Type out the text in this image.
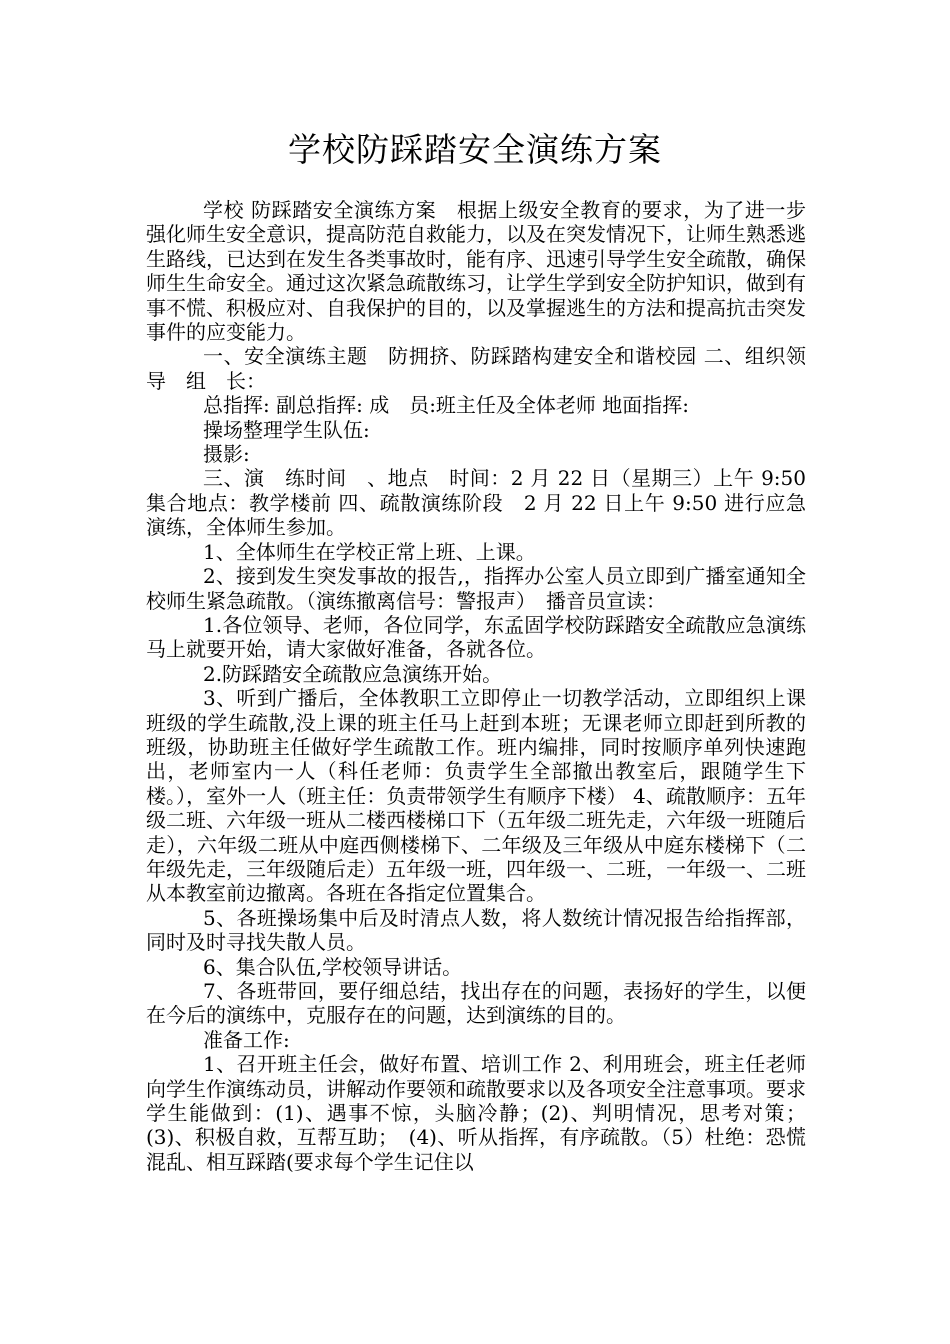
学校防踩踏安全演练方案

学校 防踩踏安全演练方案　根据上级安全教育的要求，为了进一步强化师生安全意识，提高防范自救能力，以及在突发情况下，让师生熟悉逃生路线，已达到在发生各类事故时，能有序、迅速引导学生安全疏散，确保师生生命安全。通过这次紧急疏散练习，让学生学到安全防护知识，做到有事不慌、积极应对、自我保护的目的，以及掌握逃生的方法和提高抗击突发事件的应变能力。

一、安全演练主题　防拥挤、防踩踏构建安全和谐校园 二、组织领导　组　长：

总指挥: 副总指挥: 成　员:班主任及全体老师 地面指挥:

操场整理学生队伍:

摄影:

三、演　练时间　、地点　时间：2 月 22 日（星期三）上午 9:50 集合地点：教学楼前 四、疏散演练阶段　2 月 22 日上午 9:50 进行应急演练，全体师生参加。

1、全体师生在学校正常上班、上课。

2、接到发生突发事故的报告,，指挥办公室人员立即到广播室通知全校师生紧急疏散。（演练撤离信号：警报声）　播音员宣读：

1.各位领导、老师，各位同学，东孟固学校防踩踏安全疏散应急演练马上就要开始，请大家做好准备，各就各位。

2.防踩踏安全疏散应急演练开始。

3、听到广播后，全体教职工立即停止一切教学活动，立即组织上课班级的学生疏散,没上课的班主任马上赶到本班；无课老师立即赶到所教的班级，协助班主任做好学生疏散工作。班内编排，同时按顺序单列快速跑出，老师室内一人（科任老师：负责学生全部撤出教室后，跟随学生下楼。），室外一人（班主任：负责带领学生有顺序下楼） 4、疏散顺序：五年级二班、六年级一班从二楼西楼梯口下（五年级二班先走，六年级一班随后走），六年级二班从中庭西侧楼梯下、二年级及三年级从中庭东楼梯下（二年级先走，三年级随后走）五年级一班，四年级一、二班，一年级一、二班从本教室前边撤离。各班在各指定位置集合。

5、各班操场集中后及时清点人数，将人数统计情况报告给指挥部，同时及时寻找失散人员。

6、集合队伍,学校领导讲话。

7、各班带回，要仔细总结，找出存在的问题，表扬好的学生，以便在今后的演练中，克服存在的问题，达到演练的目的。

准备工作:

1、召开班主任会，做好布置、培训工作 2、利用班会，班主任老师向学生作演练动员，讲解动作要领和疏散要求以及各项安全注意事项。要求学生能做到：(1)、遇事不惊，头脑冷静；(2)、判明情况，思考对策；(3)、积极自救，互帮互助；　(4)、听从指挥，有序疏散。（5）杜绝：恐慌混乱、相互踩踏(要求每个学生记住以
